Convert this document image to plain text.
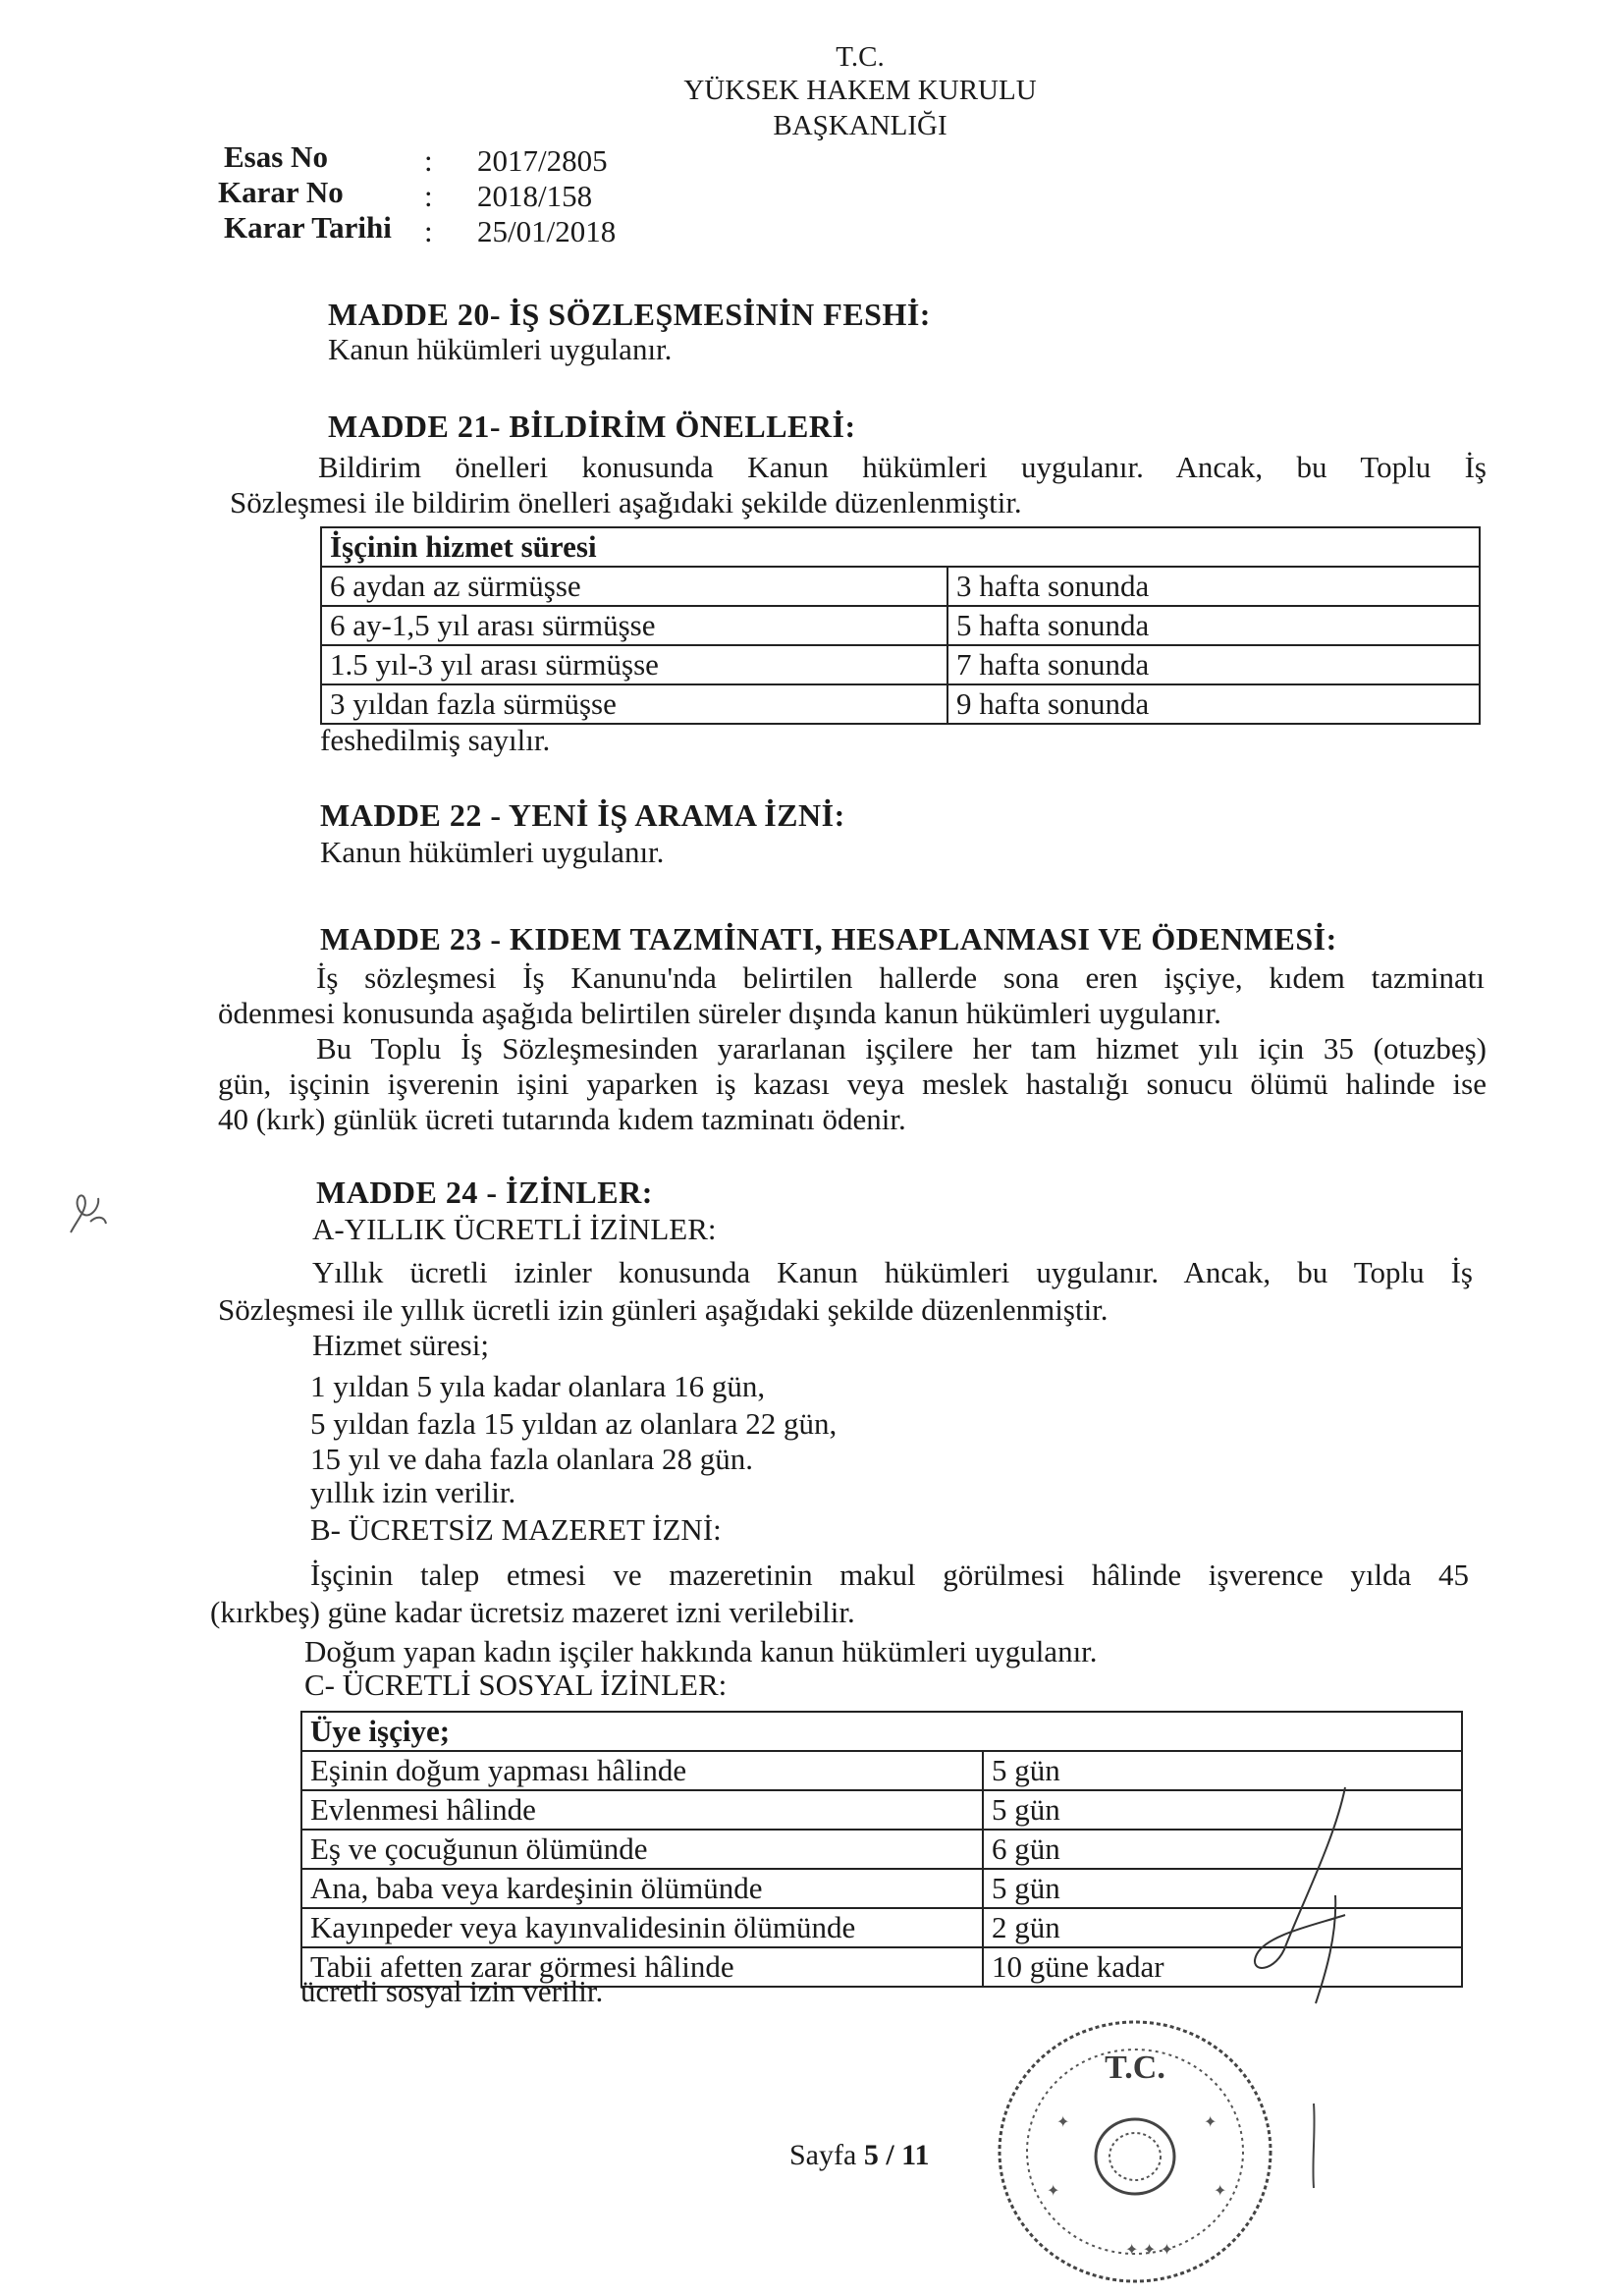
T.C.
YÜKSEK HAKEM KURULU
BAŞKANLIĞI
Esas No	: 2017/2805
Karar No	: 2018/158
Karar Tarihi : 25/01/2018
MADDE 20- İŞ SÖZLEŞMESİNİN FESHİ:
Kanun hükümleri uygulanır.
MADDE 21- BİLDİRİM ÖNELLERİ:
Bildirim önelleri konusunda Kanun hükümleri uygulanır. Ancak, bu Toplu İş
Sözleşmesi ile bildirim önelleri aşağıdaki şekilde düzenlenmiştir.
İşçinin hizmet süresi	
6 aydan az sürmüşse	3 hafta sonunda
6 ay-1,5 yıl arası sürmüşse	5 hafta sonunda
1.5 yıl-3 yıl arası sürmüşse	7 hafta sonunda
3 yıldan fazla sürmüşse	9 hafta sonunda
feshedilmiş sayılır.
MADDE 22 - YENİ İŞ ARAMA İZNİ:
Kanun hükümleri uygulanır.
MADDE 23 - KIDEM TAZMİNATI, HESAPLANMASI VE ÖDENMESİ:
İş sözleşmesi İş Kanunu'nda belirtilen hallerde sona eren işçiye, kıdem tazminatı
ödenmesi konusunda aşağıda belirtilen süreler dışında kanun hükümleri uygulanır.
Bu Toplu İş Sözleşmesinden yararlanan işçilere her tam hizmet yılı için 35 (otuzbeş)
gün, işçinin işverenin işini yaparken iş kazası veya meslek hastalığı sonucu ölümü halinde ise
40 (kırk) günlük ücreti tutarında kıdem tazminatı ödenir.
MADDE 24 - İZİNLER:
A-YILLIK ÜCRETLİ İZİNLER:
Yıllık ücretli izinler konusunda Kanun hükümleri uygulanır. Ancak, bu Toplu İş
Sözleşmesi ile yıllık ücretli izin günleri aşağıdaki şekilde düzenlenmiştir.
Hizmet süresi;
1 yıldan 5 yıla kadar olanlara 16 gün,
5 yıldan fazla 15 yıldan az olanlara 22 gün,
15 yıl ve daha fazla olanlara 28 gün.
yıllık izin verilir.
B- ÜCRETSİZ MAZERET İZNİ:
İşçinin talep etmesi ve mazeretinin makul görülmesi hâlinde işverence yılda 45
(kırkbeş) güne kadar ücretsiz mazeret izni verilebilir.
Doğum yapan kadın işçiler hakkında kanun hükümleri uygulanır.
C- ÜCRETLİ SOSYAL İZİNLER:
Üye işçiye;	
Eşinin doğum yapması hâlinde	5 gün
Evlenmesi hâlinde	5 gün
Eş ve çocuğunun ölümünde	6 gün
Ana, baba veya kardeşinin ölümünde	5 gün
Kayınpeder veya kayınvalidesinin ölümünde	2 gün
Tabii afetten zarar görmesi hâlinde	10 güne kadar
ücretli sosyal izin verilir.
T.C.
✦	✦
✦	✦
✦ ✦ ✦
Sayfa 5 / 11
